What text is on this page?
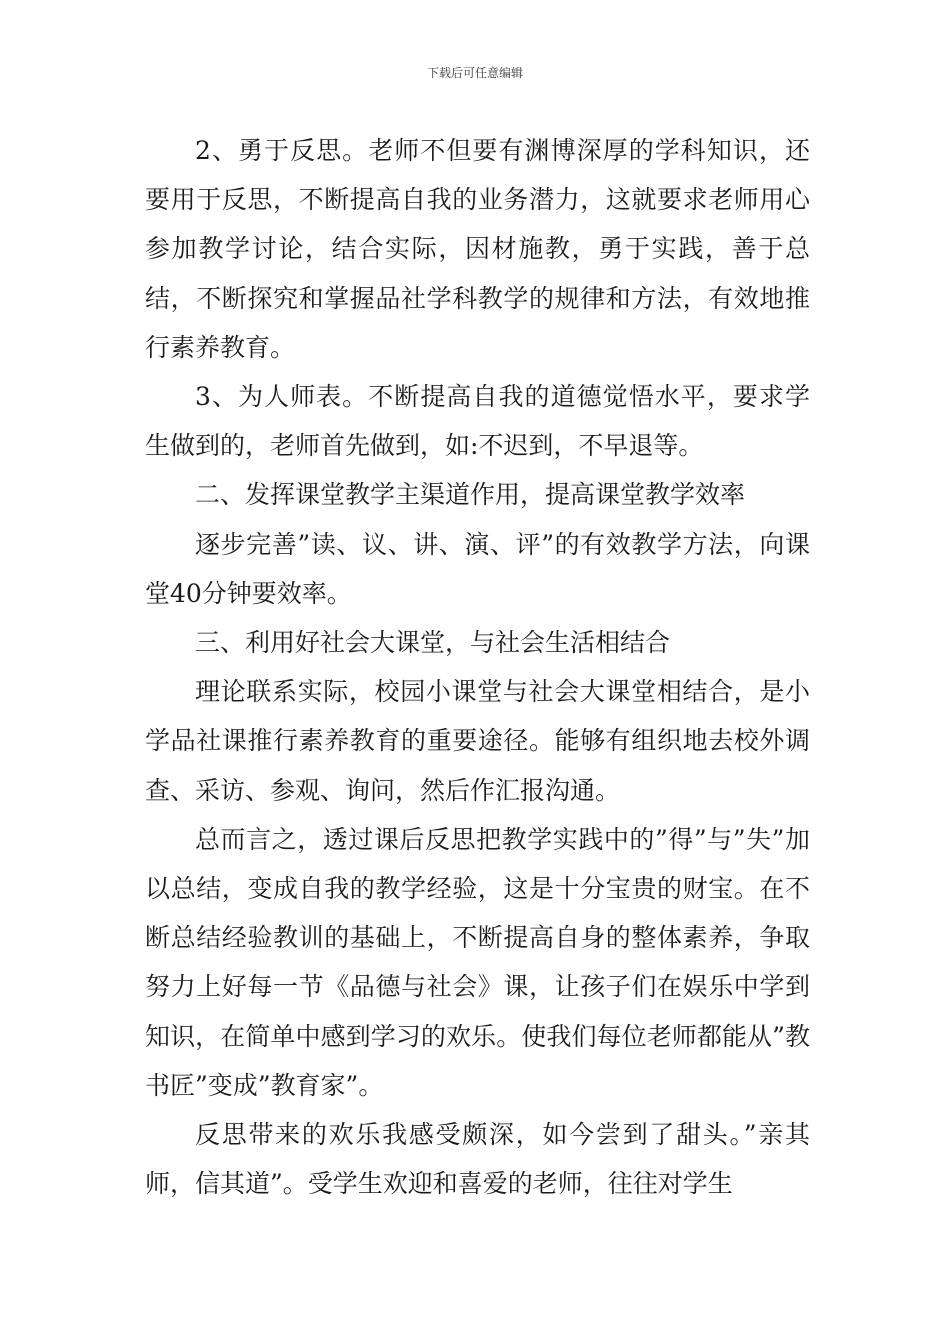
下载后可任意编辑

2、勇于反思。老师不但要有渊博深厚的学科知识，还要用于反思，不断提高自我的业务潜力，这就要求老师用心参加教学讨论，结合实际，因材施教，勇于实践，善于总结，不断探究和掌握品社学科教学的规律和方法，有效地推行素养教育。

3、为人师表。不断提高自我的道德觉悟水平，要求学生做到的，老师首先做到，如:不迟到，不早退等。

二、发挥课堂教学主渠道作用，提高课堂教学效率

逐步完善”读、议、讲、演、评”的有效教学方法，向课堂40分钟要效率。

三、利用好社会大课堂，与社会生活相结合

理论联系实际，校园小课堂与社会大课堂相结合，是小学品社课推行素养教育的重要途径。能够有组织地去校外调查、采访、参观、询问，然后作汇报沟通。

总而言之，透过课后反思把教学实践中的”得”与”失”加以总结，变成自我的教学经验，这是十分宝贵的财宝。在不断总结经验教训的基础上，不断提高自身的整体素养，争取努力上好每一节《品德与社会》课，让孩子们在娱乐中学到知识，在简单中感到学习的欢乐。使我们每位老师都能从”教书匠”变成”教育家”。

反思带来的欢乐我感受颇深，如今尝到了甜头。”亲其师，信其道”。受学生欢迎和喜爱的老师，往往对学生
